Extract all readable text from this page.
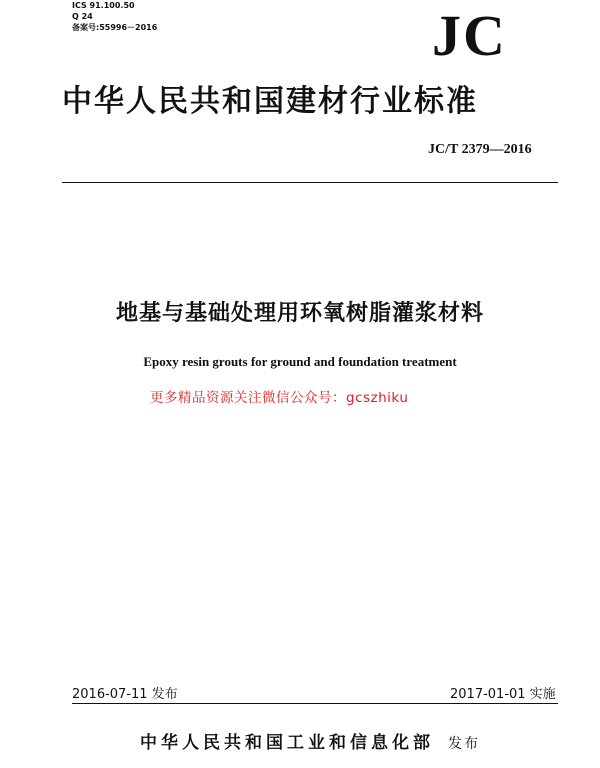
ICS 91.100.50
Q 24
备案号:55996－2016	JC
中华人民共和国建材行业标准
JC/T 2379—2016
地基与基础处理用环氧树脂灌浆材料
Epoxy resin grouts for ground and foundation treatment
更多精品资源关注微信公众号：gcszhiku
2016-07-11 发布	2017-01-01 实施
中华人民共和国工业和信息化部 发布
